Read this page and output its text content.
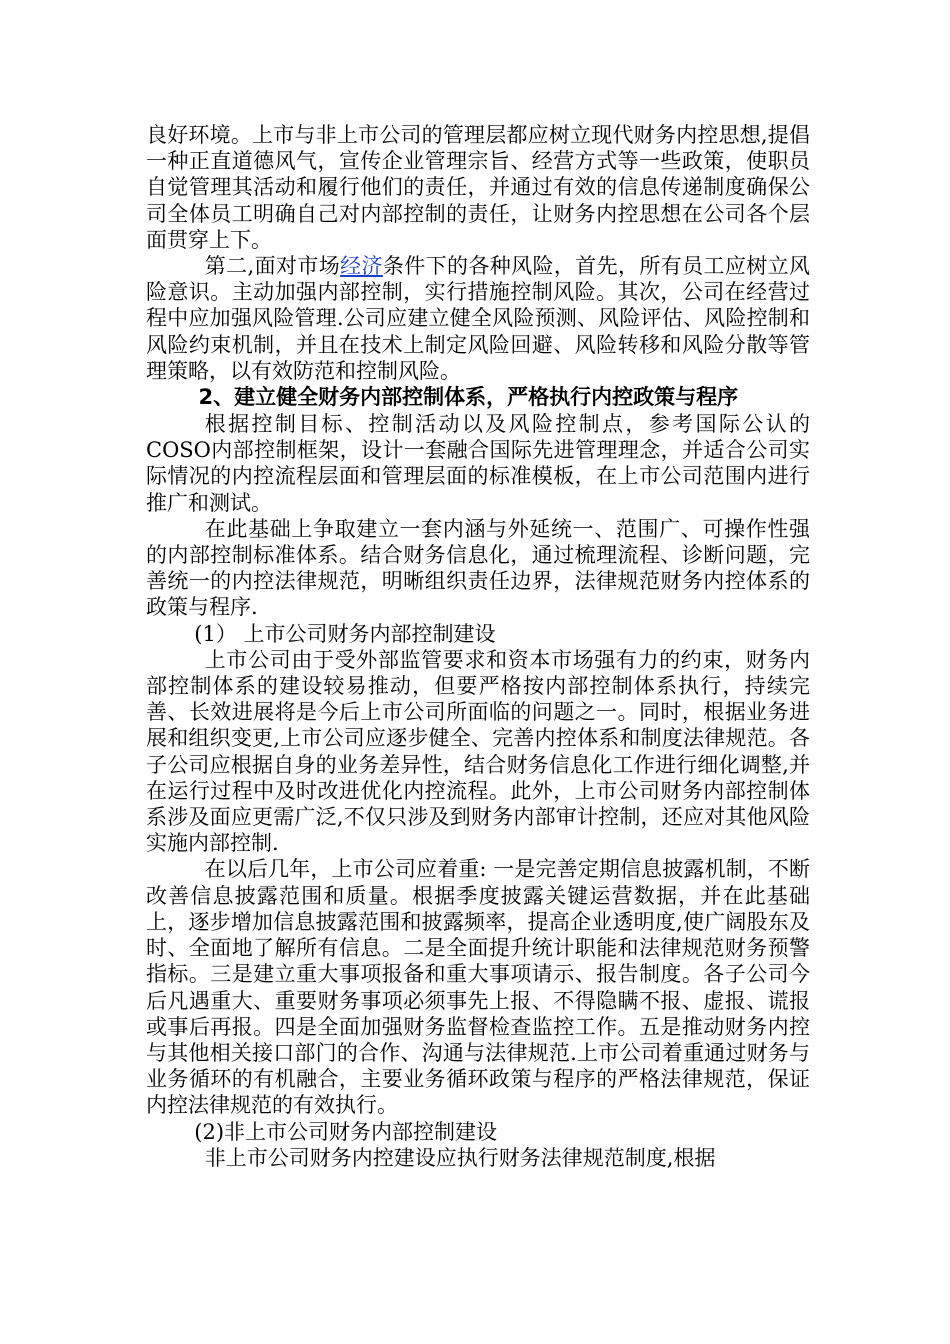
良好环境。上市与非上市公司的管理层都应树立现代财务内控思想,提倡一种正直道德风气，宣传企业管理宗旨、经营方式等一些政策，使职员自觉管理其活动和履行他们的责任，并通过有效的信息传递制度确保公司全体员工明确自己对内部控制的责任，让财务内控思想在公司各个层面贯穿上下。

第二,面对市场经济条件下的各种风险，首先，所有员工应树立风险意识。主动加强内部控制，实行措施控制风险。其次，公司在经营过程中应加强风险管理.公司应建立健全风险预测、风险评估、风险控制和风险约束机制，并且在技术上制定风险回避、风险转移和风险分散等管理策略，以有效防范和控制风险。

2、建立健全财务内部控制体系，严格执行内控政策与程序

根据控制目标、控制活动以及风险控制点，参考国际公认的COSO内部控制框架，设计一套融合国际先进管理理念，并适合公司实际情况的内控流程层面和管理层面的标准模板，在上市公司范围内进行推广和测试。

在此基础上争取建立一套内涵与外延统一、范围广、可操作性强的内部控制标准体系。结合财务信息化，通过梳理流程、诊断问题，完善统一的内控法律规范，明晰组织责任边界，法律规范财务内控体系的政策与程序.

(1） 上市公司财务内部控制建设

上市公司由于受外部监管要求和资本市场强有力的约束，财务内部控制体系的建设较易推动，但要严格按内部控制体系执行，持续完善、长效进展将是今后上市公司所面临的问题之一。同时，根据业务进展和组织变更,上市公司应逐步健全、完善内控体系和制度法律规范。各子公司应根据自身的业务差异性，结合财务信息化工作进行细化调整,并在运行过程中及时改进优化内控流程。此外，上市公司财务内部控制体系涉及面应更需广泛,不仅只涉及到财务内部审计控制，还应对其他风险实施内部控制.

在以后几年，上市公司应着重: 一是完善定期信息披露机制，不断改善信息披露范围和质量。根据季度披露关键运营数据，并在此基础上，逐步增加信息披露范围和披露频率，提高企业透明度,使广阔股东及时、全面地了解所有信息。二是全面提升统计职能和法律规范财务预警指标。三是建立重大事项报备和重大事项请示、报告制度。各子公司今后凡遇重大、重要财务事项必须事先上报、不得隐瞒不报、虚报、谎报或事后再报。四是全面加强财务监督检查监控工作。五是推动财务内控与其他相关接口部门的合作、沟通与法律规范.上市公司着重通过财务与业务循环的有机融合，主要业务循环政策与程序的严格法律规范，保证内控法律规范的有效执行。

(2)非上市公司财务内部控制建设

非上市公司财务内控建设应执行财务法律规范制度,根据
